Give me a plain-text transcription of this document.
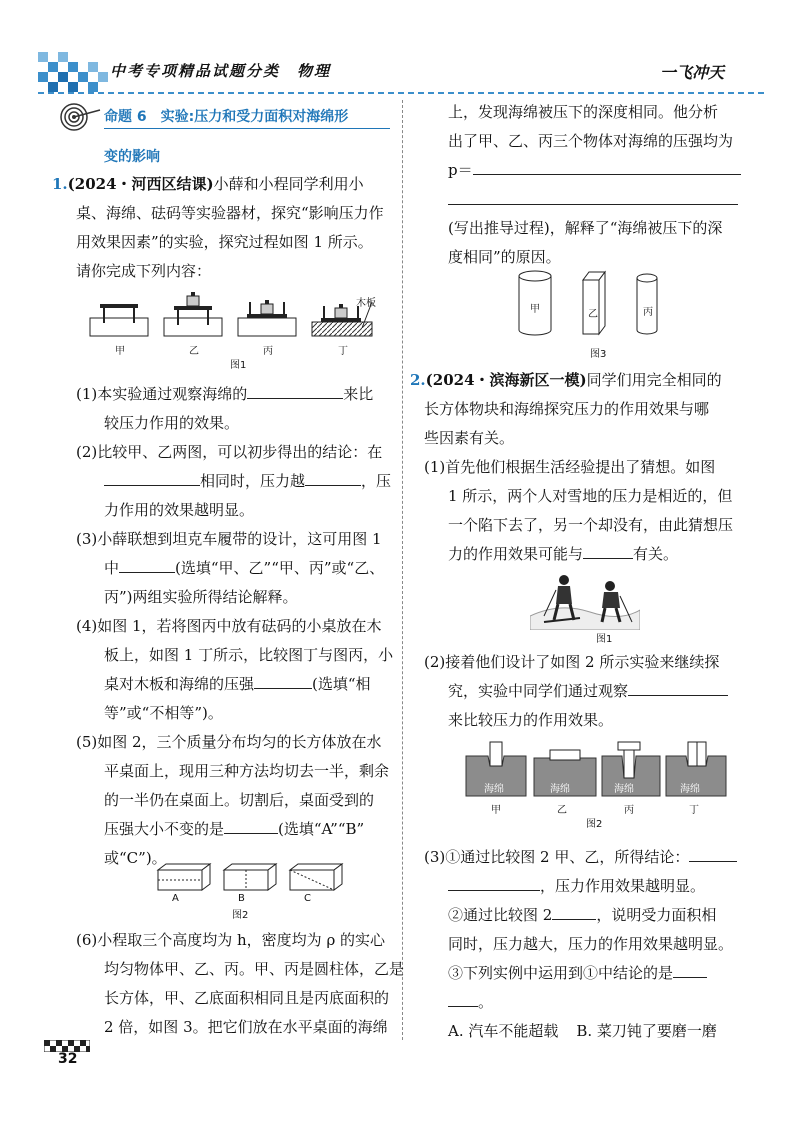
中考专项精品试题分类　物理	一飞冲天
命题 6　实验:压力和受力面积对海绵形
变的影响
1.(2024・河西区结课)小薛和小程同学利用小
桌、海绵、砝码等实验器材，探究“影响压力作
用效果因素”的实验，探究过程如图 1 所示。
请你完成下列内容：
木板
甲	乙	丙	丁
图1
(1)本实验通过观察海绵的	来比
较压力作用的效果。
(2)比较甲、乙两图，可以初步得出的结论：在
相同时，压力越	，压
力作用的效果越明显。
(3)小薛联想到坦克车履带的设计，这可用图 1
中	(选填“甲、乙”“甲、丙”或“乙、
丙”)两组实验所得结论解释。
(4)如图 1，若将图丙中放有砝码的小桌放在木
板上，如图 1 丁所示，比较图丁与图丙，小
桌对木板和海绵的压强	(选填“相
等”或“不相等”)。
(5)如图 2，三个质量分布均匀的长方体放在水
平桌面上，现用三种方法均切去一半，剩余
的一半仍在桌面上。切割后，桌面受到的
压强大小不变的是	(选填“A”“B”
或“C”)。
A	B	C
图2
(6)小程取三个高度均为 h，密度均为 ρ 的实心
均匀物体甲、乙、丙。甲、丙是圆柱体，乙是
长方体，甲、乙底面积相同且是丙底面积的
2 倍，如图 3。把它们放在水平桌面的海绵
32
上，发现海绵被压下的深度相同。他分析
出了甲、乙、丙三个物体对海绵的压强均为
p＝
(写出推导过程)，解释了“海绵被压下的深
度相同”的原因。
甲	乙	丙
图3
2.(2024・滨海新区一模)同学们用完全相同的
长方体物块和海绵探究压力的作用效果与哪
些因素有关。
(1)首先他们根据生活经验提出了猜想。如图
1 所示，两个人对雪地的压力是相近的，但
一个陷下去了，另一个却没有，由此猜想压
力的作用效果可能与	有关。
图1
(2)接着他们设计了如图 2 所示实验来继续探
究，实验中同学们通过观察
来比较压力的作用效果。
海绵	海绵	海绵	海绵
甲	乙	丙	丁
图2
(3)①通过比较图 2 甲、乙，所得结论：
，压力作用效果越明显。
②通过比较图 2	，说明受力面积相
同时，压力越大，压力的作用效果越明显。
③下列实例中运用到①中结论的是
。
A. 汽车不能超载 B. 菜刀钝了要磨一磨
